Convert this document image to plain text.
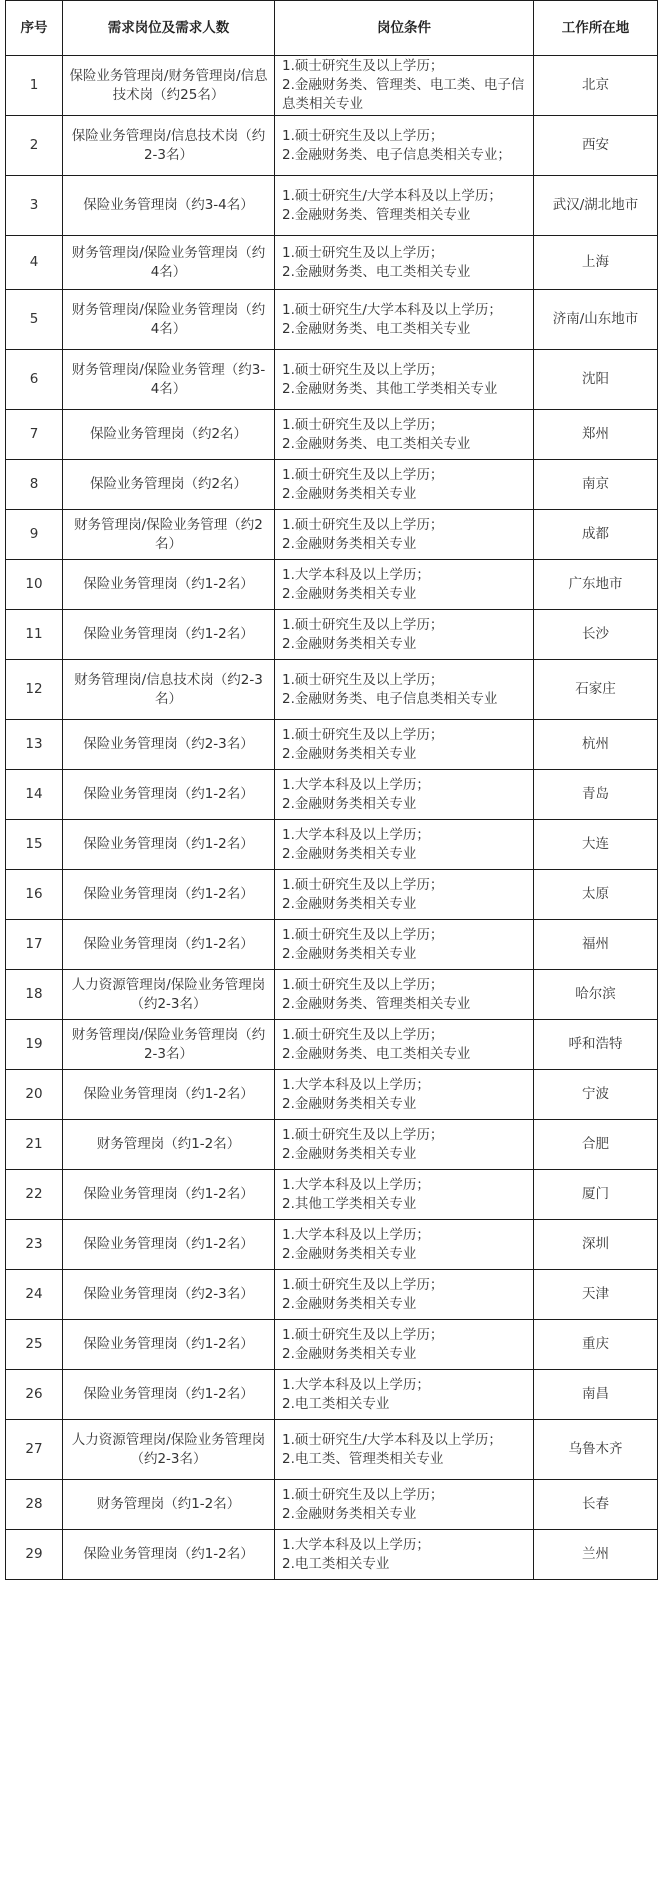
序号	需求岗位及需求人数	岗位条件	工作所在地
1	保险业务管理岗/财务管理岗/信息技术岗（约25名）	1.硕士研究生及以上学历；
2.金融财务类、管理类、电工类、电子信息类相关专业	北京
2	保险业务管理岗/信息技术岗（约2-3名）	1.硕士研究生及以上学历；
2.金融财务类、电子信息类相关专业；	西安
3	保险业务管理岗（约3-4名）	1.硕士研究生/大学本科及以上学历；
2.金融财务类、管理类相关专业	武汉/湖北地市
4	财务管理岗/保险业务管理岗（约4名）	1.硕士研究生及以上学历；
2.金融财务类、电工类相关专业	上海
5	财务管理岗/保险业务管理岗（约4名）	1.硕士研究生/大学本科及以上学历；
2.金融财务类、电工类相关专业	济南/山东地市
6	财务管理岗/保险业务管理（约3-4名）	1.硕士研究生及以上学历；
2.金融财务类、其他工学类相关专业	沈阳
7	保险业务管理岗（约2名）	1.硕士研究生及以上学历；
2.金融财务类、电工类相关专业	郑州
8	保险业务管理岗（约2名）	1.硕士研究生及以上学历；
2.金融财务类相关专业	南京
9	财务管理岗/保险业务管理（约2名）	1.硕士研究生及以上学历；
2.金融财务类相关专业	成都
10	保险业务管理岗（约1-2名）	1.大学本科及以上学历；
2.金融财务类相关专业	广东地市
11	保险业务管理岗（约1-2名）	1.硕士研究生及以上学历；
2.金融财务类相关专业	长沙
12	财务管理岗/信息技术岗（约2-3名）	1.硕士研究生及以上学历；
2.金融财务类、电子信息类相关专业	石家庄
13	保险业务管理岗（约2-3名）	1.硕士研究生及以上学历；
2.金融财务类相关专业	杭州
14	保险业务管理岗（约1-2名）	1.大学本科及以上学历；
2.金融财务类相关专业	青岛
15	保险业务管理岗（约1-2名）	1.大学本科及以上学历；
2.金融财务类相关专业	大连
16	保险业务管理岗（约1-2名）	1.硕士研究生及以上学历；
2.金融财务类相关专业	太原
17	保险业务管理岗（约1-2名）	1.硕士研究生及以上学历；
2.金融财务类相关专业	福州
18	人力资源管理岗/保险业务管理岗（约2-3名）	1.硕士研究生及以上学历；
2.金融财务类、管理类相关专业	哈尔滨
19	财务管理岗/保险业务管理岗（约2-3名）	1.硕士研究生及以上学历；
2.金融财务类、电工类相关专业	呼和浩特
20	保险业务管理岗（约1-2名）	1.大学本科及以上学历；
2.金融财务类相关专业	宁波
21	财务管理岗（约1-2名）	1.硕士研究生及以上学历；
2.金融财务类相关专业	合肥
22	保险业务管理岗（约1-2名）	1.大学本科及以上学历；
2.其他工学类相关专业	厦门
23	保险业务管理岗（约1-2名）	1.大学本科及以上学历；
2.金融财务类相关专业	深圳
24	保险业务管理岗（约2-3名）	1.硕士研究生及以上学历；
2.金融财务类相关专业	天津
25	保险业务管理岗（约1-2名）	1.硕士研究生及以上学历；
2.金融财务类相关专业	重庆
26	保险业务管理岗（约1-2名）	1.大学本科及以上学历；
2.电工类相关专业	南昌
27	人力资源管理岗/保险业务管理岗（约2-3名）	1.硕士研究生/大学本科及以上学历；
2.电工类、管理类相关专业	乌鲁木齐
28	财务管理岗（约1-2名）	1.硕士研究生及以上学历；
2.金融财务类相关专业	长春
29	保险业务管理岗（约1-2名）	1.大学本科及以上学历；
2.电工类相关专业	兰州
